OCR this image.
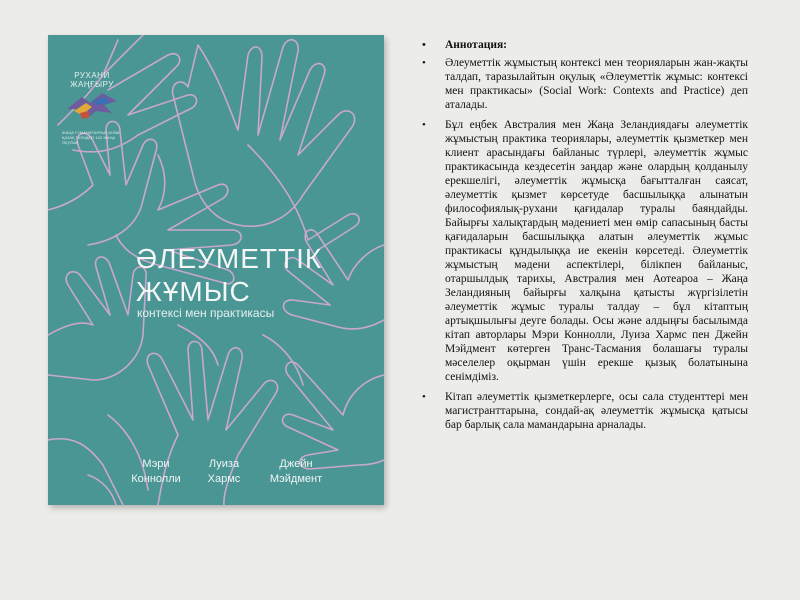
РУХАНИ
ЖАҢҒЫРУ
ЖАҢА ГУМАНИТАРЛЫҚ БІЛІМ. ҚАЗАҚ ТІЛІНДЕГІ 100 ЖАҢА ОҚУЛЫҚ
ӘЛЕУМЕТТІК
ЖҰМЫС
контексі мен практикасы
Мэри
Коннолли
Луиза
Хармс
Джейн
Мэйдмент
• Аннотация:
• Әлеуметтік жұмыстың контексі мен теорияларын жан-жақты талдап, таразылайтын оқулық «Әлеуметтік жұмыс: контексі мен практикасы» (Social Work: Contexts and Practice) деп аталады.
• Бұл еңбек Австралия мен Жаңа Зеландиядағы әлеуметтік жұмыстың практика теориялары, әлеуметтік қызметкер мен клиент арасындағы байланыс түрлері, әлеуметтік жұмыс практикасында кездесетін заңдар және олардың қолданылу ерекшелігі, әлеуметтік жұмысқа бағытталған саясат, әлеуметтік қызмет көрсетуде басшылыққа алынатын философиялық-рухани қағидалар туралы баяндайды. Байырғы халықтардың мәдениеті мен өмір сапасының басты қағидаларын басшылыққа алатын әлеуметтік жұмыс практикасы құндылыққа ие екенін көрсетеді. Әлеуметтік жұмыстың мәдени аспектілері, білікпен байланыс, отаршылдық тарихы, Австралия мен Аотеароа – Жаңа Зеландияның байырғы халқына қатысты жүргізілетін әлеуметтік жұмыс туралы талдау – бұл кітаптың артықшылығы деуге болады. Осы және алдыңғы басылымда кітап авторлары Мэри Коннолли, Луиза Хармс пен Джейн Мэйдмент көтерген Транс-Тасмания болашағы туралы мәселелер оқырман үшін ерекше қызық болатынына сенімдіміз.
• Кітап әлеуметтік қызметкерлерге, осы сала студенттері мен магистранттарына, сондай-ақ әлеуметтік жұмысқа қатысы бар барлық сала мамандарына арналады.
